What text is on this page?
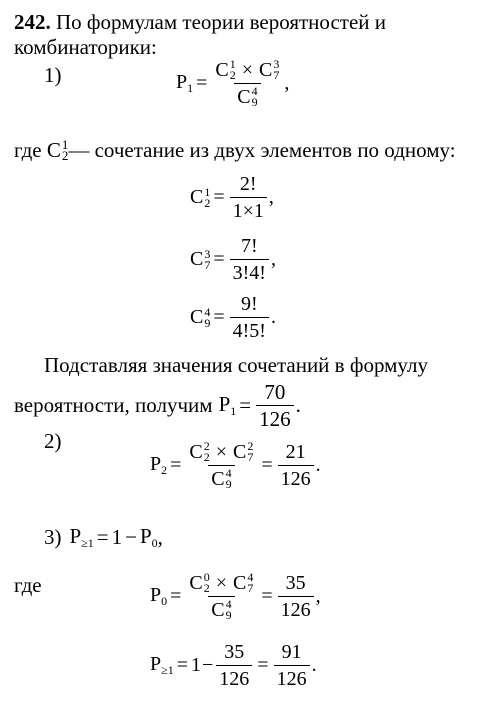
242. По формулам теории вероятностей и
комбинаторики:
1)	$P_1 = C$ 1
2 × C 3
7
C 4
9 ,
где C 1
2 — сочетание из двух элементов по одному:
C 1
$2 = \frac{2!}{1\times 1}$ ,
C 3
$7 = \frac{7!}{3!4!}$ ,
C 4
$9 = \frac{9!}{4!5!}$ .
Подставляя значения сочетаний в формулу
вероятности, получим $P1 = \frac{70}{126}$ .
2)
$P_2 = C$ 2
2 × C 2
7
C 4
$9 = \frac{21}{126}$ .
3) P≥1 = 1 − P0 ,
где	$P_0 = C$ 0
2 × C 4
7
C 4
$9 = \frac{35}{126}$ ,
$P_{\ge 1} = 1 - \frac{35}{126} = \frac{91}{126}$ .
